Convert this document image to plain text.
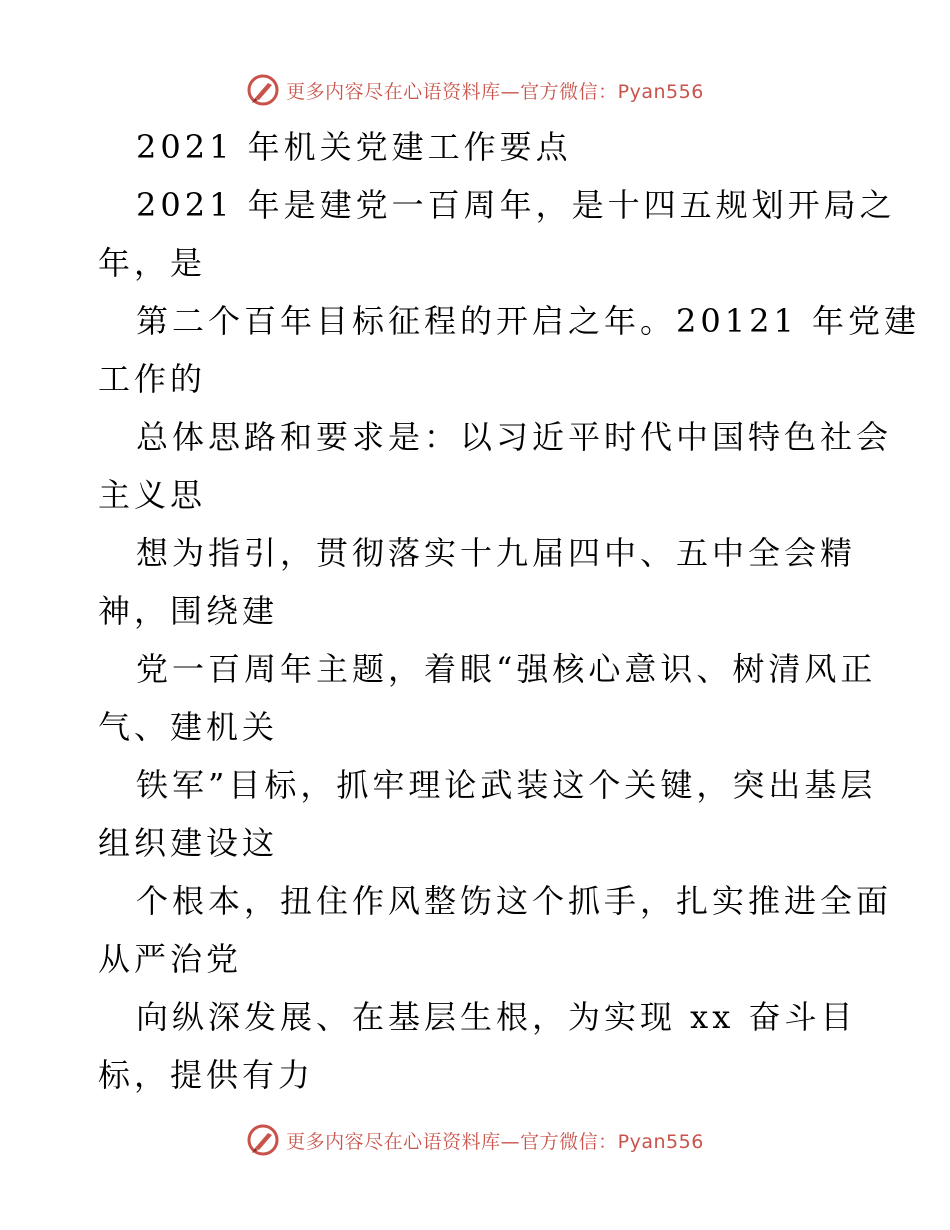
更多内容尽在心语资料库—官方微信：Pyan556
2021 年机关党建工作要点
2021 年是建党一百周年，是十四五规划开局之
年，是
第二个百年目标征程的开启之年。20121 年党建
工作的
总体思路和要求是：以习近平时代中国特色社会
主义思
想为指引，贯彻落实十九届四中、五中全会精
神，围绕建
党一百周年主题，着眼“强核心意识、树清风正
气、建机关
铁军”目标，抓牢理论武装这个关键，突出基层
组织建设这
个根本，扭住作风整饬这个抓手，扎实推进全面
从严治党
向纵深发展、在基层生根，为实现 xx 奋斗目
标，提供有力
更多内容尽在心语资料库—官方微信：Pyan556
